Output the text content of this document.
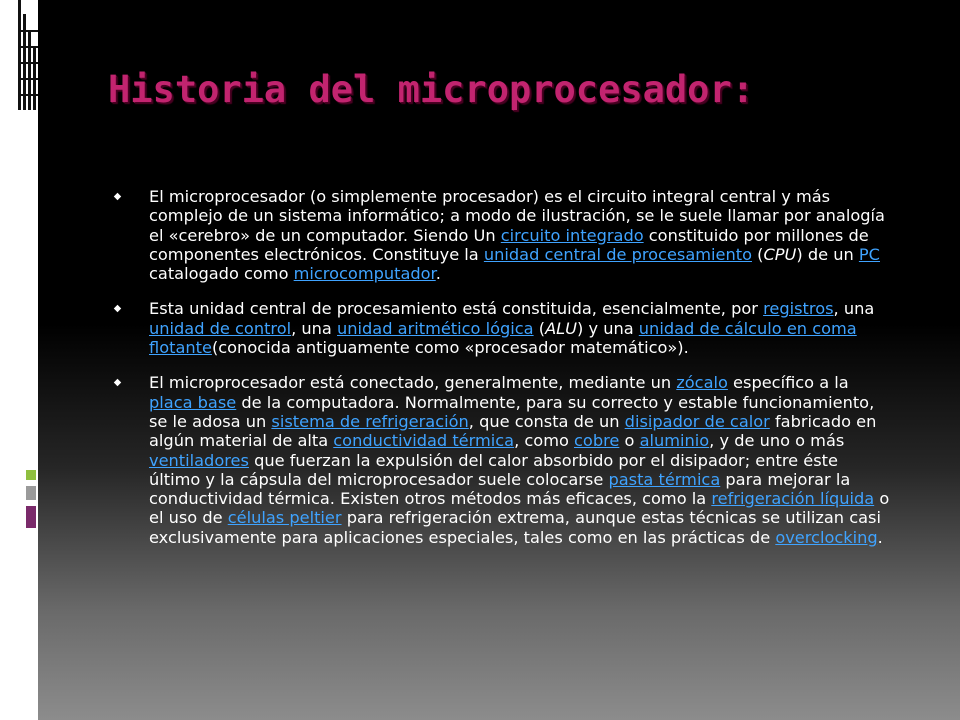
Historia del microprocesador:
El microprocesador (o simplemente procesador) es el circuito integral central y más complejo de un sistema informático; a modo de ilustración, se le suele llamar por analogía el «cerebro» de un computador. Siendo Un circuito integrado constituido por millones de componentes electrónicos. Constituye la unidad central de procesamiento (CPU) de un PC catalogado como microcomputador.
Esta unidad central de procesamiento está constituida, esencialmente, por registros, una unidad de control, una unidad aritmético lógica (ALU) y una unidad de cálculo en coma flotante(conocida antiguamente como «procesador matemático»).
El microprocesador está conectado, generalmente, mediante un zócalo específico a la placa base de la computadora. Normalmente, para su correcto y estable funcionamiento, se le adosa un sistema de refrigeración, que consta de un disipador de calor fabricado en algún material de alta conductividad térmica, como cobre o aluminio, y de uno o más ventiladores que fuerzan la expulsión del calor absorbido por el disipador; entre éste último y la cápsula del microprocesador suele colocarse pasta térmica para mejorar la conductividad térmica. Existen otros métodos más eficaces, como la refrigeración líquida o el uso de células peltier para refrigeración extrema, aunque estas técnicas se utilizan casi exclusivamente para aplicaciones especiales, tales como en las prácticas de overclocking.
